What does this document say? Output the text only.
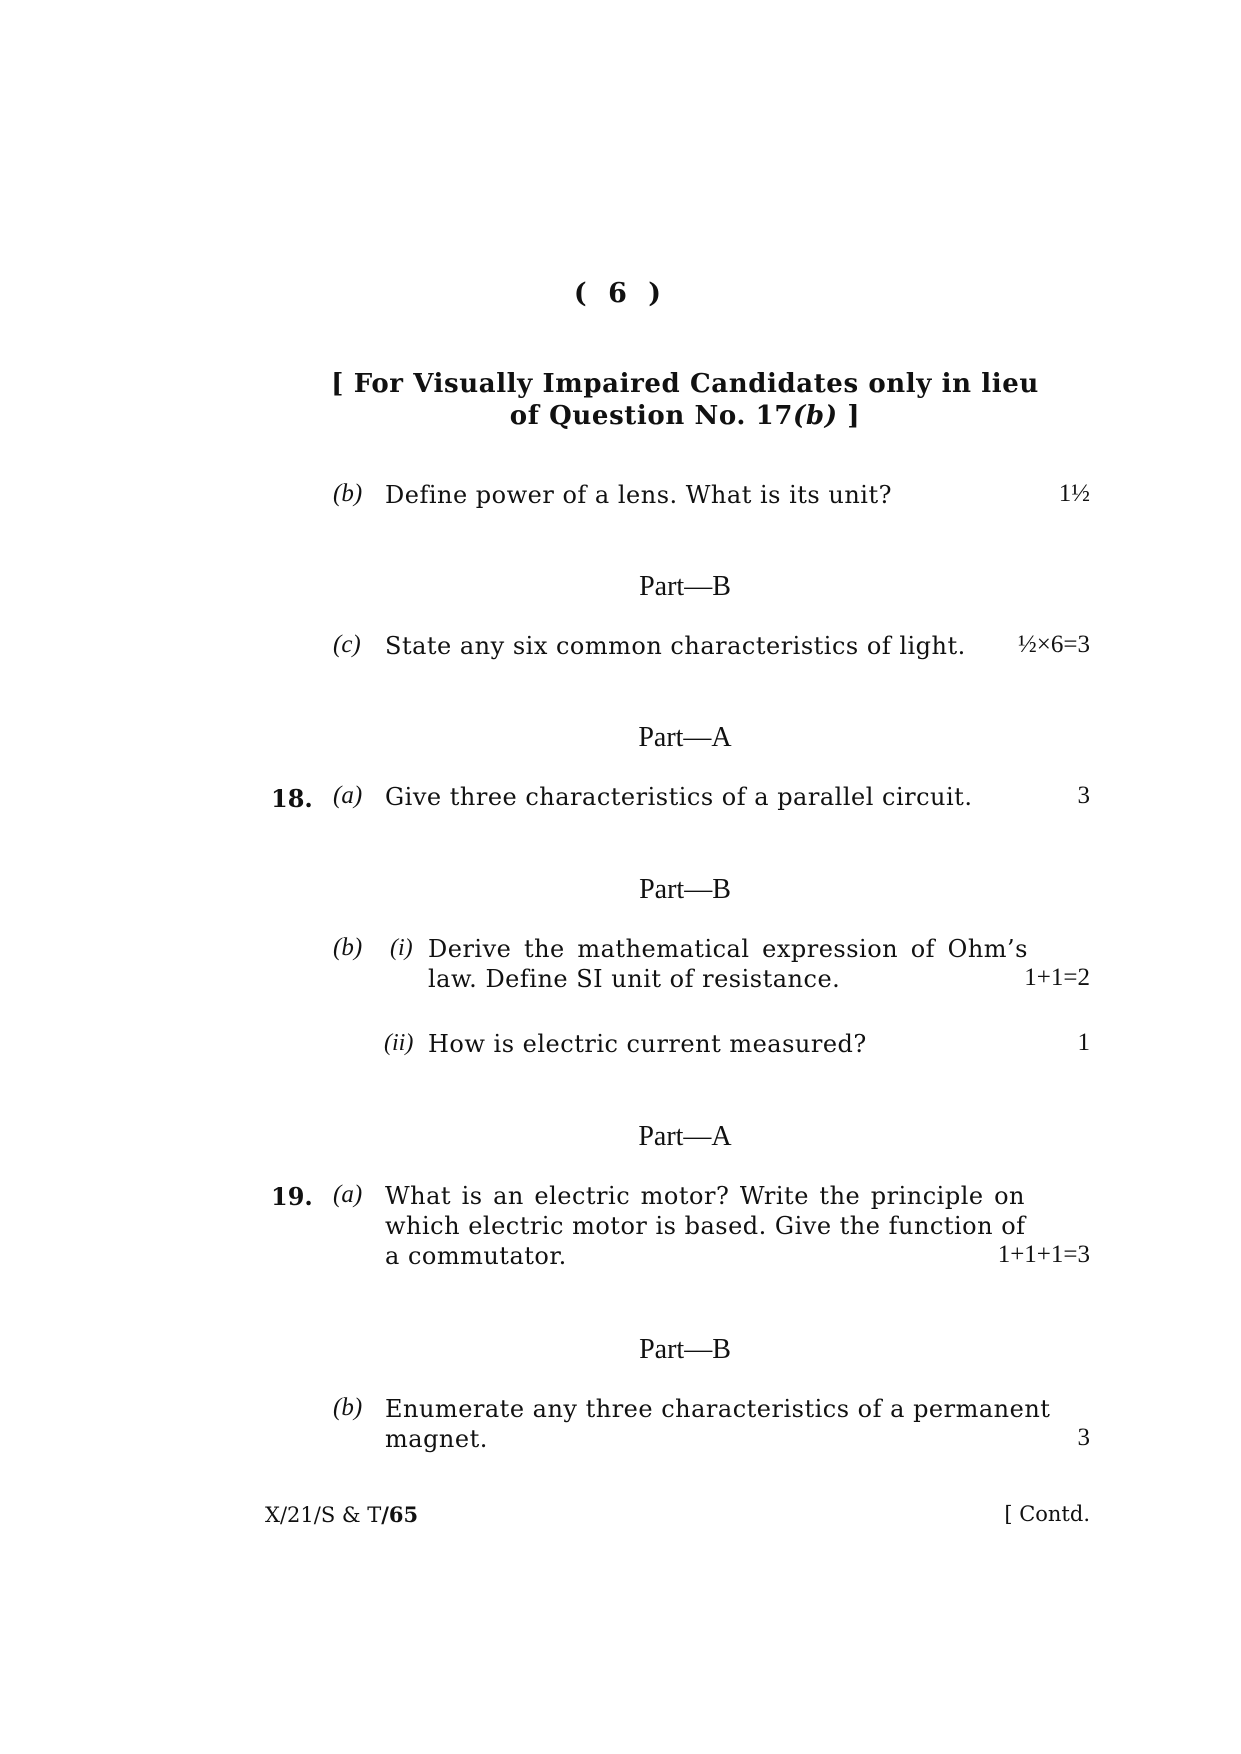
( 6 )
[ For Visually Impaired Candidates only in lieu
of Question No. 17(b) ]
(b) Define power of a lens. What is its unit?	1½
Part—B
(c) State any six common characteristics of light. ½×6=3
Part—A
18. (a) Give three characteristics of a parallel circuit.	3
Part—B
(b) (i) Derive the mathematical expression of Ohm’s
law. Define SI unit of resistance.	1+1=2
(ii) How is electric current measured?	1
Part—A
19. (a) What is an electric motor? Write the principle on
which electric motor is based. Give the function of
a commutator.	1+1+1=3
Part—B
(b) Enumerate any three characteristics of a permanent
magnet.	3
X/21/S & T/65	[ Contd.
